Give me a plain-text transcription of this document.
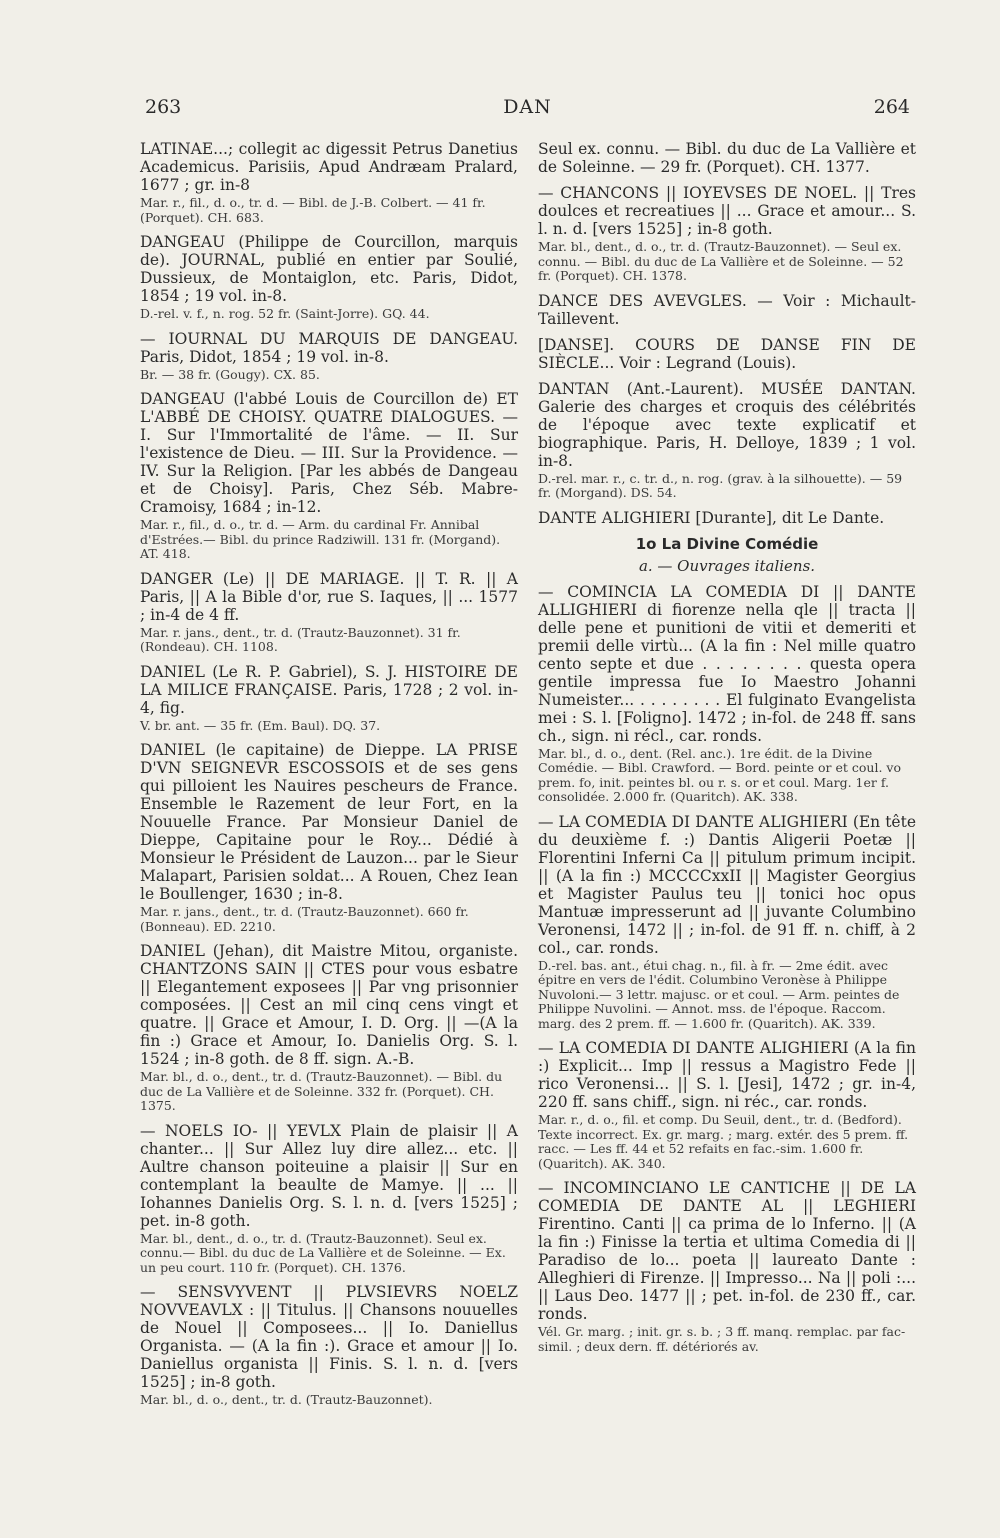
263	DAN	264

LATINAE...; collegit ac digessit Petrus Danetius Academicus. Parisiis, Apud Andræam Pralard, 1677 ; gr. in-8

Mar. r., fil., d. o., tr. d. — Bibl. de J.-B. Colbert. — 41 fr. (Porquet). CH. 683.

DANGEAU (Philippe de Courcillon, marquis de). JOURNAL, publié en entier par Soulié, Dussieux, de Montaiglon, etc. Paris, Didot, 1854 ; 19 vol. in-8.

D.-rel. v. f., n. rog. 52 fr. (Saint-Jorre). GQ. 44.

— IOURNAL DU MARQUIS DE DANGEAU. Paris, Didot, 1854 ; 19 vol. in-8.

Br. — 38 fr. (Gougy). CX. 85.

DANGEAU (l'abbé Louis de Courcillon de) ET L'ABBÉ DE CHOISY. QUATRE DIALOGUES. — I. Sur l'Immortalité de l'âme. — II. Sur l'existence de Dieu. — III. Sur la Providence. — IV. Sur la Religion. [Par les abbés de Dangeau et de Choisy]. Paris, Chez Séb. Mabre-Cramoisy, 1684 ; in-12.

Mar. r., fil., d. o., tr. d. — Arm. du cardinal Fr. Annibal d'Estrées.— Bibl. du prince Radziwill. 131 fr. (Morgand). AT. 418.

DANGER (Le) || DE MARIAGE. || T. R. || A Paris, || A la Bible d'or, rue S. Iaques, || ... 1577 ; in-4 de 4 ff.

Mar. r. jans., dent., tr. d. (Trautz-Bauzonnet). 31 fr. (Rondeau). CH. 1108.

DANIEL (Le R. P. Gabriel), S. J. HISTOIRE DE LA MILICE FRANÇAISE. Paris, 1728 ; 2 vol. in-4, fig.

V. br. ant. — 35 fr. (Em. Baul). DQ. 37.

DANIEL (le capitaine) de Dieppe. LA PRISE D'VN SEIGNEVR ESCOSSOIS et de ses gens qui pilloient les Nauires pescheurs de France. Ensemble le Razement de leur Fort, en la Nouuelle France. Par Monsieur Daniel de Dieppe, Capitaine pour le Roy... Dédié à Monsieur le Président de Lauzon... par le Sieur Malapart, Parisien soldat... A Rouen, Chez Iean le Boullenger, 1630 ; in-8.

Mar. r. jans., dent., tr. d. (Trautz-Bauzonnet). 660 fr. (Bonneau). ED. 2210.

DANIEL (Jehan), dit Maistre Mitou, organiste. CHANTZONS SAIN || CTES pour vous esbatre || Elegantement exposees || Par vng prisonnier composées. || Cest an mil cinq cens vingt et quatre. || Grace et Amour, I. D. Org. || —(A la fin :) Grace et Amour, Io. Danielis Org. S. l. 1524 ; in-8 goth. de 8 ff. sign. A.-B.

Mar. bl., d. o., dent., tr. d. (Trautz-Bauzonnet). — Bibl. du duc de La Vallière et de Soleinne. 332 fr. (Porquet). CH. 1375.

— NOELS IO- || YEVLX Plain de plaisir || A chanter... || Sur Allez luy dire allez... etc. || Aultre chanson poiteuine a plaisir || Sur en contemplant la beaulte de Mamye. || ... || Iohannes Danielis Org. S. l. n. d. [vers 1525] ; pet. in-8 goth.

Mar. bl., dent., d. o., tr. d. (Trautz-Bauzonnet). Seul ex. connu.— Bibl. du duc de La Vallière et de Soleinne. — Ex. un peu court. 110 fr. (Porquet). CH. 1376.

— SENSVYVENT || PLVSIEVRS NOELZ NOVVEAVLX : || Titulus. || Chansons nouuelles de Nouel || Composees... || Io. Daniellus Organista. — (A la fin :). Grace et amour || Io. Daniellus organista || Finis. S. l. n. d. [vers 1525] ; in-8 goth.

Mar. bl., d. o., dent., tr. d. (Trautz-Bauzonnet).

Seul ex. connu. — Bibl. du duc de La Vallière et de Soleinne. — 29 fr. (Porquet). CH. 1377.

— CHANCONS || IOYEVSES DE NOEL. || Tres doulces et recreatiues || ... Grace et amour... S. l. n. d. [vers 1525] ; in-8 goth.

Mar. bl., dent., d. o., tr. d. (Trautz-Bauzonnet). — Seul ex. connu. — Bibl. du duc de La Vallière et de Soleinne. — 52 fr. (Porquet). CH. 1378.

DANCE DES AVEVGLES. — Voir : Michault-Taillevent.

[DANSE]. COURS DE DANSE FIN DE SIÈCLE... Voir : Legrand (Louis).

DANTAN (Ant.-Laurent). MUSÉE DANTAN. Galerie des charges et croquis des célébrités de l'époque avec texte explicatif et biographique. Paris, H. Delloye, 1839 ; 1 vol. in-8.

D.-rel. mar. r., c. tr. d., n. rog. (grav. à la silhouette). — 59 fr. (Morgand). DS. 54.

DANTE ALIGHIERI [Durante], dit Le Dante.

1o La Divine Comédie

a. — Ouvrages italiens.

— COMINCIA LA COMEDIA DI || DANTE ALLIGHIERI di fiorenze nella qle || tracta || delle pene et punitioni de vitii et demeriti et premii delle virtù... (A la fin : Nel mille quatro cento septe et due . . . . . . . . questa opera gentile impressa fue Io Maestro Johanni Numeister... . . . . . . . . El fulginato Evangelista mei : S. l. [Foligno]. 1472 ; in-fol. de 248 ff. sans ch., sign. ni récl., car. ronds.

Mar. bl., d. o., dent. (Rel. anc.). 1re édit. de la Divine Comédie. — Bibl. Crawford. — Bord. peinte or et coul. vo prem. fo, init. peintes bl. ou r. s. or et coul. Marg. 1er f. consolidée. 2.000 fr. (Quaritch). AK. 338.

— LA COMEDIA DI DANTE ALIGHIERI (En tête du deuxième f. :) Dantis Aligerii Poetæ || Florentini Inferni Ca || pitulum primum incipit. || (A la fin :) MCCCCxxII || Magister Georgius et Magister Paulus teu || tonici hoc opus Mantuæ impresserunt ad || juvante Columbino Veronensi, 1472 || ; in-fol. de 91 ff. n. chiff, à 2 col., car. ronds.

D.-rel. bas. ant., étui chag. n., fil. à fr. — 2me édit. avec épitre en vers de l'édit. Columbino Veronèse à Philippe Nuvoloni.— 3 lettr. majusc. or et coul. — Arm. peintes de Philippe Nuvolini. — Annot. mss. de l'époque. Raccom. marg. des 2 prem. ff. — 1.600 fr. (Quaritch). AK. 339.

— LA COMEDIA DI DANTE ALIGHIERI (A la fin :) Explicit... Imp || ressus a Magistro Fede || rico Veronensi... || S. l. [Jesi], 1472 ; gr. in-4, 220 ff. sans chiff., sign. ni réc., car. ronds.

Mar. r., d. o., fil. et comp. Du Seuil, dent., tr. d. (Bedford). Texte incorrect. Ex. gr. marg. ; marg. extér. des 5 prem. ff. racc. — Les ff. 44 et 52 refaits en fac.-sim. 1.600 fr. (Quaritch). AK. 340.

— INCOMINCIANO LE CANTICHE || DE LA COMEDIA DE DANTE AL || LEGHIERI Firentino. Canti || ca prima de lo Inferno. || (A la fin :) Finisse la tertia et ultima Comedia di || Paradiso de lo... poeta || laureato Dante : Alleghieri di Firenze. || Impresso... Na || poli :... || Laus Deo. 1477 || ; pet. in-fol. de 230 ff., car. ronds.

Vél. Gr. marg. ; init. gr. s. b. ; 3 ff. manq. remplac. par fac-simil. ; deux dern. ff. détériorés av.
